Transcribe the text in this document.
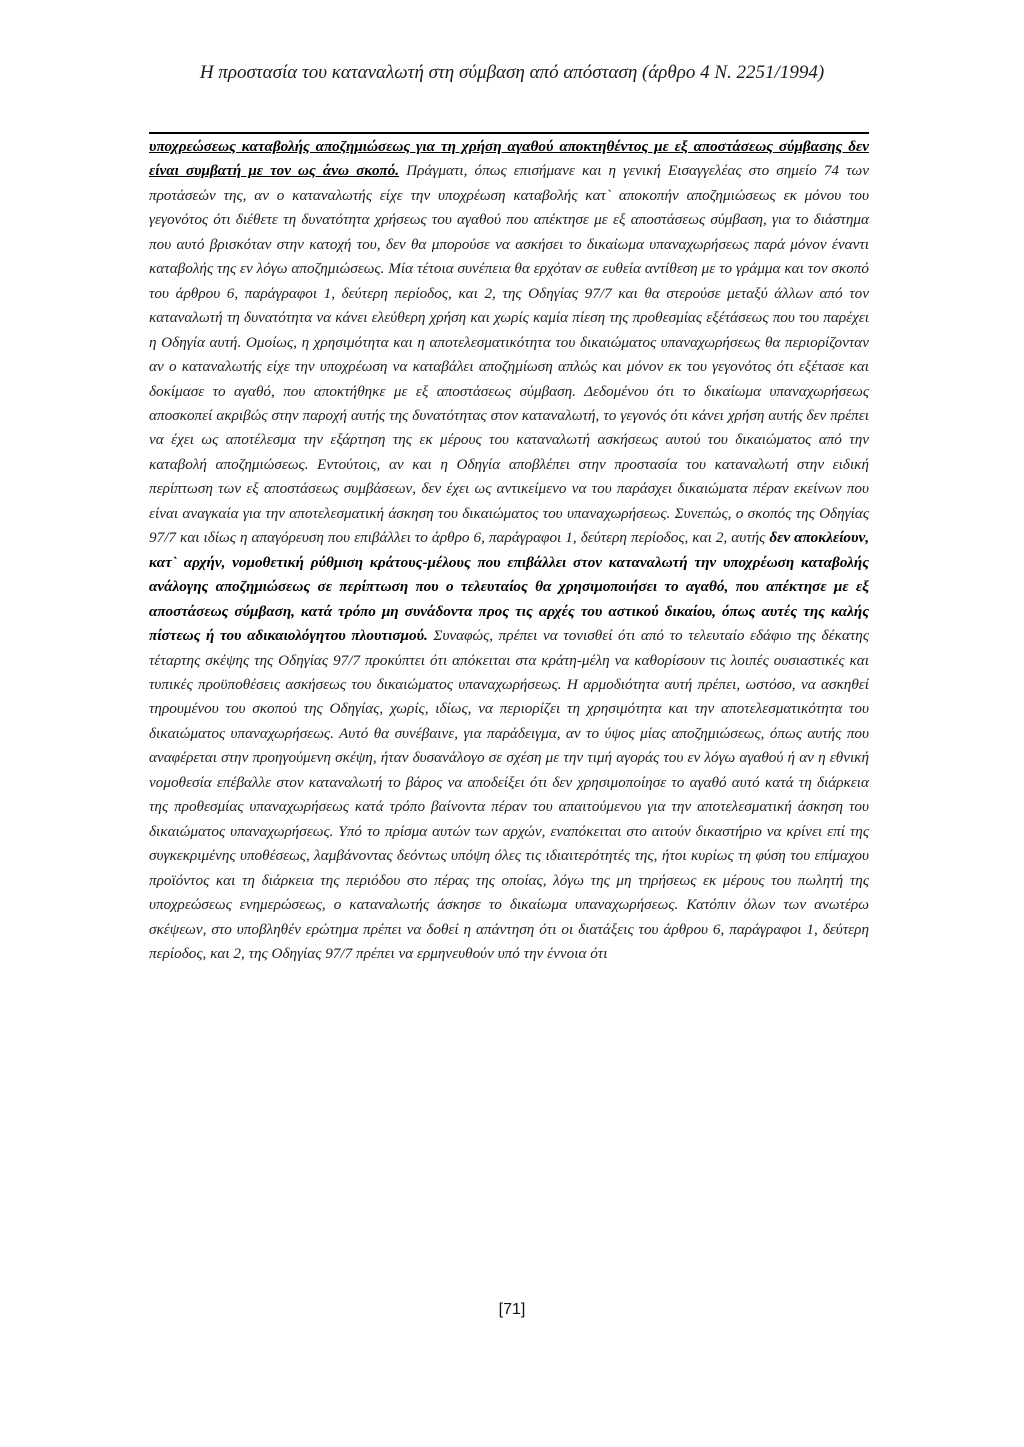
Η προστασία του καταναλωτή στη σύμβαση από απόσταση (άρθρο 4 Ν. 2251/1994)

υποχρεώσεως καταβολής αποζημιώσεως για τη χρήση αγαθού αποκτηθέντος με εξ αποστάσεως σύμβασης δεν είναι συμβατή με τον ως άνω σκοπό. Πράγματι, όπως επισήμανε και η γενική Εισαγγελέας στο σημείο 74 των προτάσεών της, αν ο καταναλωτής είχε την υποχρέωση καταβολής κατ` αποκοπήν αποζημιώσεως εκ μόνου του γεγονότος ότι διέθετε τη δυνατότητα χρήσεως του αγαθού που απέκτησε με εξ αποστάσεως σύμβαση, για το διάστημα που αυτό βρισκόταν στην κατοχή του, δεν θα μπορούσε να ασκήσει το δικαίωμα υπαναχωρήσεως παρά μόνον έναντι καταβολής της εν λόγω αποζημιώσεως. Μία τέτοια συνέπεια θα ερχόταν σε ευθεία αντίθεση με το γράμμα και τον σκοπό του άρθρου 6, παράγραφοι 1, δεύτερη περίοδος, και 2, της Οδηγίας 97/7 και θα στερούσε μεταξύ άλλων από τον καταναλωτή τη δυνατότητα να κάνει ελεύθερη χρήση και χωρίς καμία πίεση της προθεσμίας εξέτάσεως που του παρέχει η Οδηγία αυτή. Ομοίως, η χρησιμότητα και η αποτελεσματικότητα του δικαιώματος υπαναχωρήσεως θα περιορίζονταν αν ο καταναλωτής είχε την υποχρέωση να καταβάλει αποζημίωση απλώς και μόνον εκ του γεγονότος ότι εξέτασε και δοκίμασε το αγαθό, που αποκτήθηκε με εξ αποστάσεως σύμβαση. Δεδομένου ότι το δικαίωμα υπαναχωρήσεως αποσκοπεί ακριβώς στην παροχή αυτής της δυνατότητας στον καταναλωτή, το γεγονός ότι κάνει χρήση αυτής δεν πρέπει να έχει ως αποτέλεσμα την εξάρτηση της εκ μέρους του καταναλωτή ασκήσεως αυτού του δικαιώματος από την καταβολή αποζημιώσεως. Εντούτοις, αν και η Οδηγία αποβλέπει στην προστασία του καταναλωτή στην ειδική περίπτωση των εξ αποστάσεως συμβάσεων, δεν έχει ως αντικείμενο να του παράσχει δικαιώματα πέραν εκείνων που είναι αναγκαία για την αποτελεσματική άσκηση του δικαιώματος του υπαναχωρήσεως. Συνεπώς, ο σκοπός της Οδηγίας 97/7 και ιδίως η απαγόρευση που επιβάλλει το άρθρο 6, παράγραφοι 1, δεύτερη περίοδος, και 2, αυτής δεν αποκλείουν, κατ` αρχήν, νομοθετική ρύθμιση κράτους-μέλους που επιβάλλει στον καταναλωτή την υποχρέωση καταβολής ανάλογης αποζημιώσεως σε περίπτωση που ο τελευταίος θα χρησιμοποιήσει το αγαθό, που απέκτησε με εξ αποστάσεως σύμβαση, κατά τρόπο μη συνάδοντα προς τις αρχές του αστικού δικαίου, όπως αυτές της καλής πίστεως ή του αδικαιολόγητου πλουτισμού. Συναφώς, πρέπει να τονισθεί ότι από το τελευταίο εδάφιο της δέκατης τέταρτης σκέψης της Οδηγίας 97/7 προκύπτει ότι απόκειται στα κράτη-μέλη να καθορίσουν τις λοιπές ουσιαστικές και τυπικές προϋποθέσεις ασκήσεως του δικαιώματος υπαναχωρήσεως. Η αρμοδιότητα αυτή πρέπει, ωστόσο, να ασκηθεί τηρουμένου του σκοπού της Οδηγίας, χωρίς, ιδίως, να περιορίζει τη χρησιμότητα και την αποτελεσματικότητα του δικαιώματος υπαναχωρήσεως. Αυτό θα συνέβαινε, για παράδειγμα, αν το ύψος μίας αποζημιώσεως, όπως αυτής που αναφέρεται στην προηγούμενη σκέψη, ήταν δυσανάλογο σε σχέση με την τιμή αγοράς του εν λόγω αγαθού ή αν η εθνική νομοθεσία επέβαλλε στον καταναλωτή το βάρος να αποδείξει ότι δεν χρησιμοποίησε το αγαθό αυτό κατά τη διάρκεια της προθεσμίας υπαναχωρήσεως κατά τρόπο βαίνοντα πέραν του απαιτούμενου για την αποτελεσματική άσκηση του δικαιώματος υπαναχωρήσεως. Υπό το πρίσμα αυτών των αρχών, εναπόκειται στο αιτούν δικαστήριο να κρίνει επί της συγκεκριμένης υποθέσεως, λαμβάνοντας δεόντως υπόψη όλες τις ιδιαιτερότητές της, ήτοι κυρίως τη φύση του επίμαχου προϊόντος και τη διάρκεια της περιόδου στο πέρας της οποίας, λόγω της μη τηρήσεως εκ μέρους του πωλητή της υποχρεώσεως ενημερώσεως, ο καταναλωτής άσκησε το δικαίωμα υπαναχωρήσεως. Κατόπιν όλων των ανωτέρω σκέψεων, στο υποβληθέν ερώτημα πρέπει να δοθεί η απάντηση ότι οι διατάξεις του άρθρου 6, παράγραφοι 1, δεύτερη περίοδος, και 2, της Οδηγίας 97/7 πρέπει να ερμηνευθούν υπό την έννοια ότι

[71]
